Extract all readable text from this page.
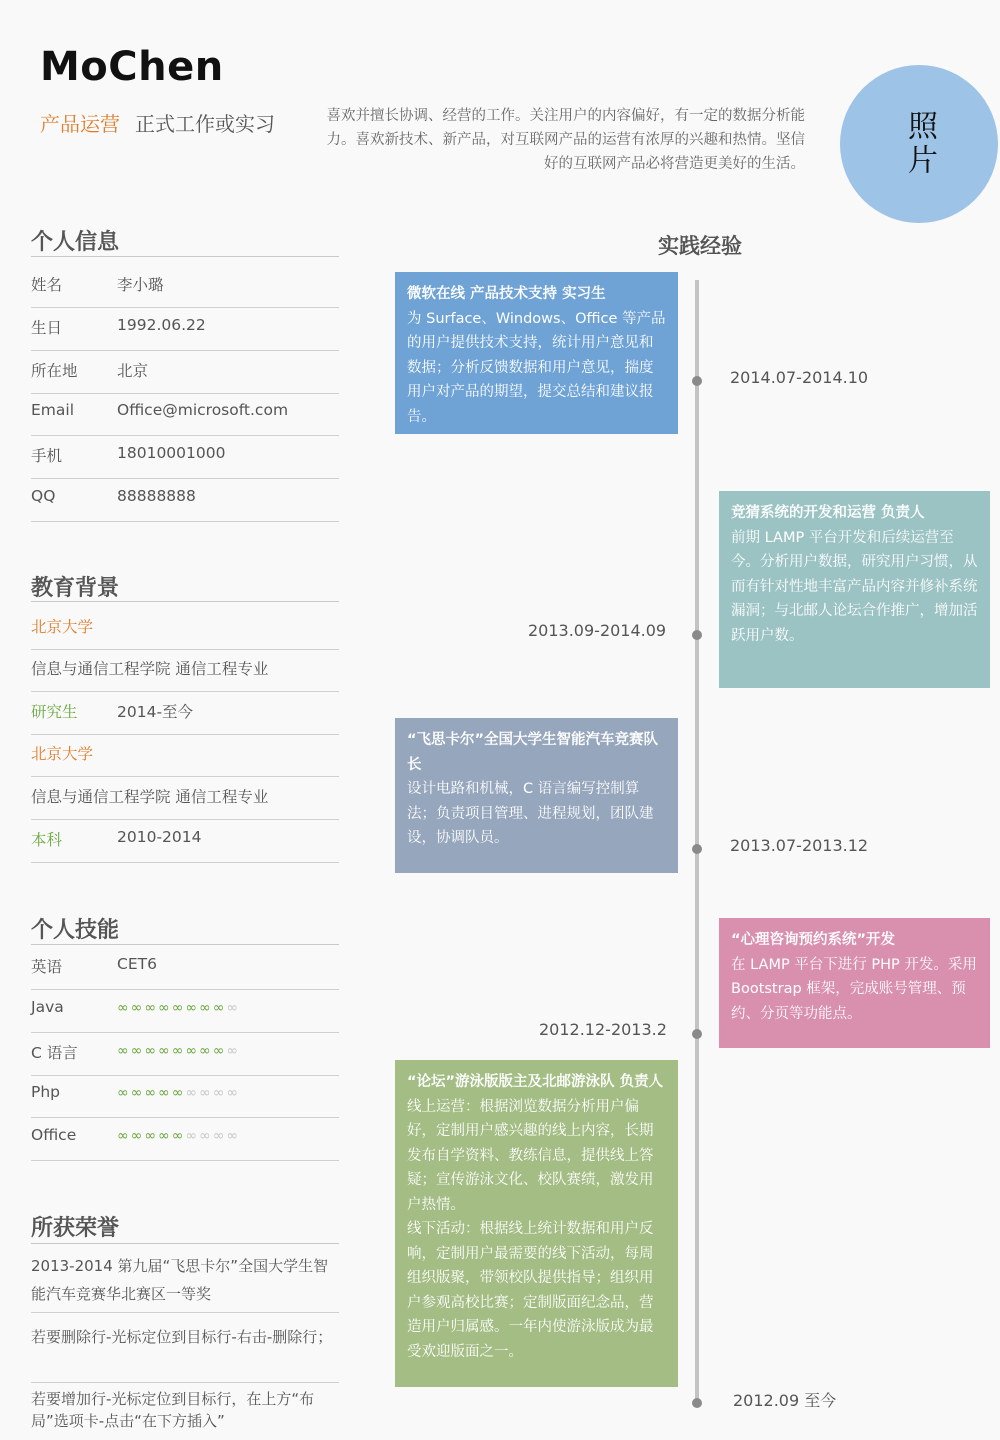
MoChen
产品运营 正式工作或实习	喜欢并擅长协调、经营的工作。关注用户的内容偏好，有一定的数据分析能力。喜欢新技术、新产品，对互联网产品的运营有浓厚的兴趣和热情。坚信好的互联网产品必将营造更美好的生活。	照片
个人信息
姓名	李小璐
生日	1992.06.22
所在地	北京
Email	Office@microsoft.com
手机	18010001000
QQ	88888888
教育背景
北京大学
信息与通信工程学院 通信工程专业
研究生	2014-至今
北京大学
信息与通信工程学院 通信工程专业
本科	2010-2014
个人技能
英语	CET6
Java	∞∞∞∞∞∞∞∞∞
C 语言	∞∞∞∞∞∞∞∞∞
Php	∞∞∞∞∞∞∞∞∞
Office	∞∞∞∞∞∞∞∞∞
所获荣誉
2013-2014 第九届“飞思卡尔”全国大学生智能汽车竞赛华北赛区一等奖
若要删除行-光标定位到目标行-右击-删除行；
若要增加行-光标定位到目标行，在上方“布局”选项卡-点击“在下方插入”
实践经验
微软在线 产品技术支持 实习生
为 Surface、Windows、Office 等产品的用户提供技术支持，统计用户意见和数据；分析反馈数据和用户意见，揣度用户对产品的期望，提交总结和建议报告。
2014.07-2014.10
竞猜系统的开发和运营 负责人
前期 LAMP 平台开发和后续运营至今。分析用户数据，研究用户习惯，从而有针对性地丰富产品内容并修补系统漏洞；与北邮人论坛合作推广，增加活跃用户数。
2013.09-2014.09
“飞思卡尔”全国大学生智能汽车竞赛队长
设计电路和机械，C 语言编写控制算法；负责项目管理、进程规划，团队建设，协调队员。	2013.07-2013.12
“心理咨询预约系统”开发
在 LAMP 平台下进行 PHP 开发。采用 Bootstrap 框架，完成账号管理、预约、分页等功能点。
2012.12-2013.2
“论坛”游泳版版主及北邮游泳队 负责人
线上运营：根据浏览数据分析用户偏好，定制用户感兴趣的线上内容，长期发布自学资料、教练信息，提供线上答疑；宣传游泳文化、校队赛绩，激发用户热情。
线下活动：根据线上统计数据和用户反响，定制用户最需要的线下活动，每周组织版聚，带领校队提供指导；组织用户参观高校比赛；定制版面纪念品，营造用户归属感。一年内使游泳版成为最受欢迎版面之一。
2012.09 至今
